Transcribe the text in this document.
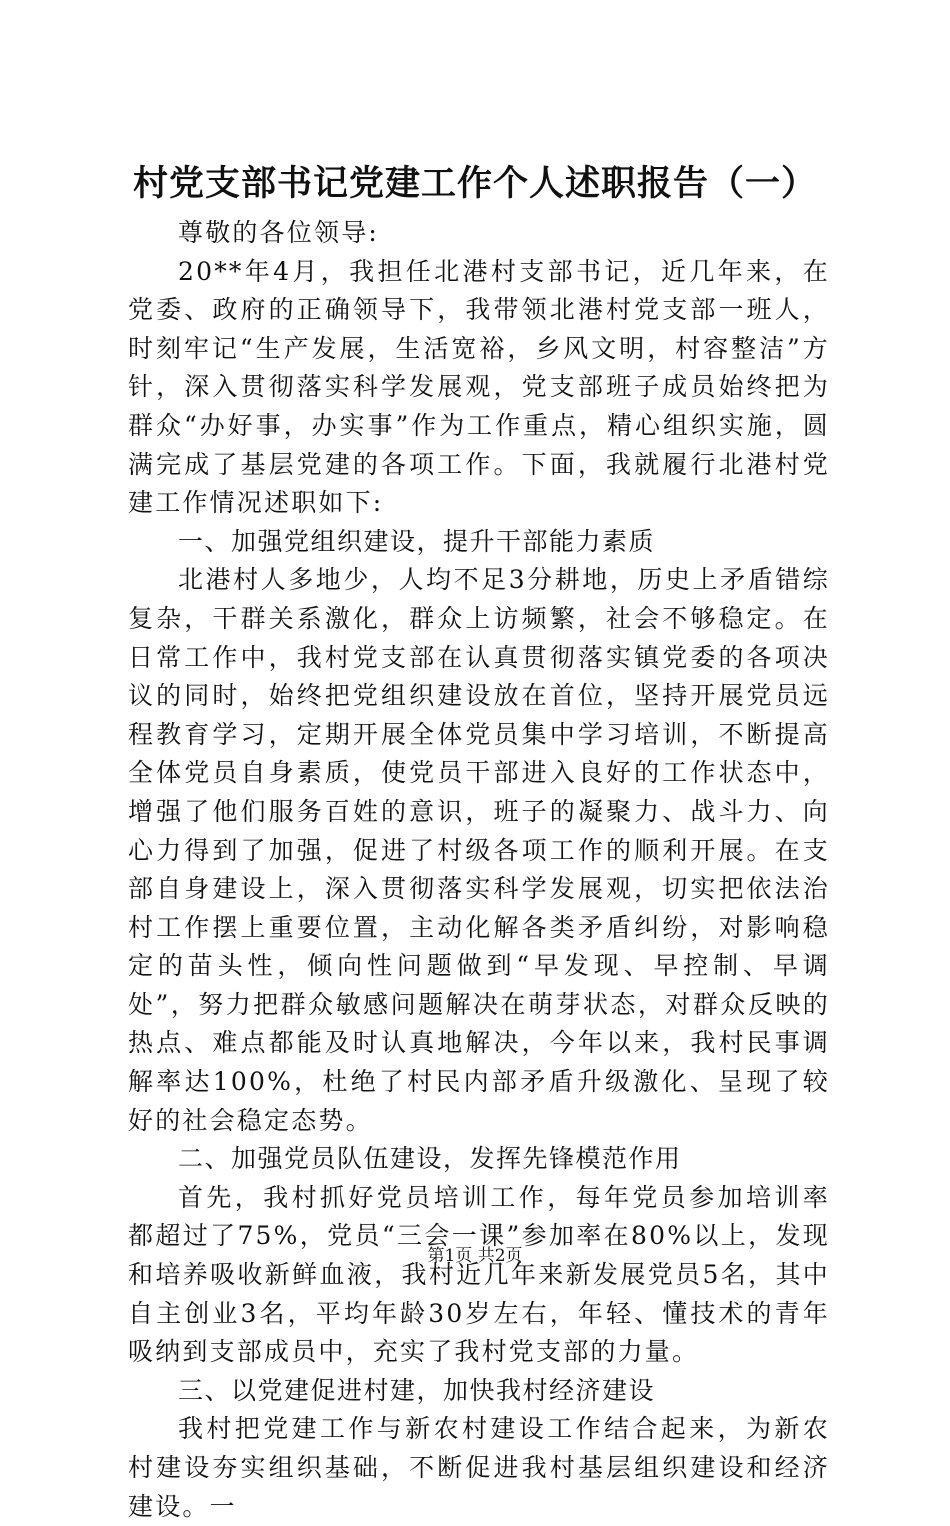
村党支部书记党建工作个人述职报告（一）

尊敬的各位领导:

20**年4月，我担任北港村支部书记，近几年来，在党委、政府的正确领导下，我带领北港村党支部一班人，时刻牢记“生产发展，生活宽裕，乡风文明，村容整洁”方针，深入贯彻落实科学发展观，党支部班子成员始终把为群众“办好事，办实事”作为工作重点，精心组织实施，圆满完成了基层党建的各项工作。下面，我就履行北港村党建工作情况述职如下:

一、加强党组织建设，提升干部能力素质

北港村人多地少，人均不足3分耕地，历史上矛盾错综复杂，干群关系激化，群众上访频繁，社会不够稳定。在日常工作中，我村党支部在认真贯彻落实镇党委的各项决议的同时，始终把党组织建设放在首位，坚持开展党员远程教育学习，定期开展全体党员集中学习培训，不断提高全体党员自身素质，使党员干部进入良好的工作状态中，增强了他们服务百姓的意识，班子的凝聚力、战斗力、向心力得到了加强，促进了村级各项工作的顺利开展。在支部自身建设上，深入贯彻落实科学发展观，切实把依法治村工作摆上重要位置，主动化解各类矛盾纠纷，对影响稳定的苗头性，倾向性问题做到“早发现、早控制、早调处”，努力把群众敏感问题解决在萌芽状态，对群众反映的热点、难点都能及时认真地解决，今年以来，我村民事调解率达100%，杜绝了村民内部矛盾升级激化、呈现了较好的社会稳定态势。

二、加强党员队伍建设，发挥先锋模范作用

首先，我村抓好党员培训工作，每年党员参加培训率都超过了75%，党员“三会一课”参加率在80%以上，发现和培养吸收新鲜血液，我村近几年来新发展党员5名，其中自主创业3名，平均年龄30岁左右，年轻、懂技术的青年吸纳到支部成员中，充实了我村党支部的力量。

三、以党建促进村建，加快我村经济建设

我村把党建工作与新农村建设工作结合起来，为新农村建设夯实组织基础，不断促进我村基层组织建设和经济建设。一

第1页 共2页
